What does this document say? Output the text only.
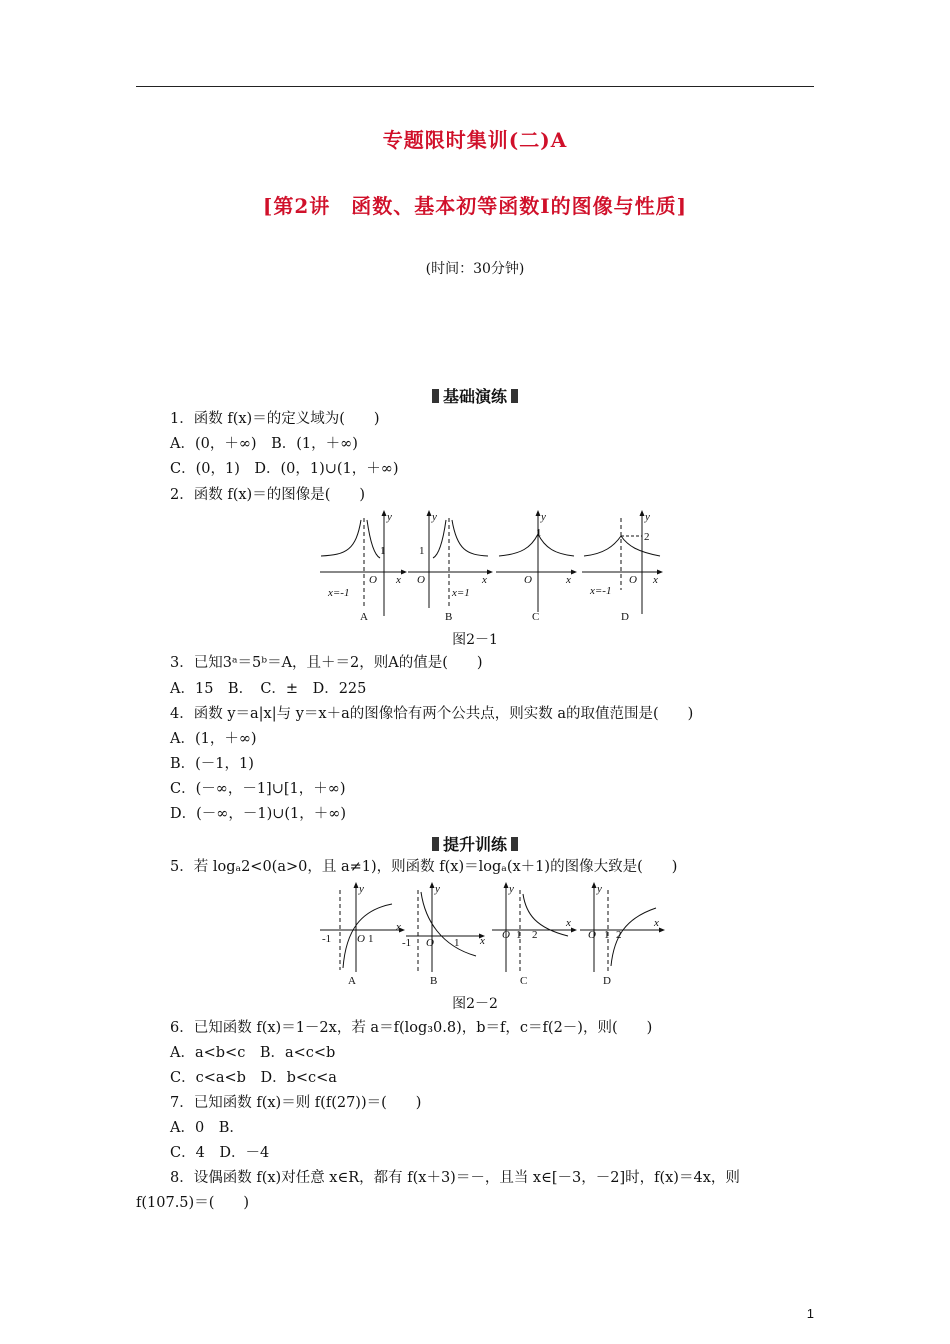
专题限时集训(二)A
[第2讲　函数、基本初等函数Ⅰ的图像与性质]
(时间：30分钟)
基础演练
1．函数 f(x)＝的定义域为(　　)
A．(0，＋∞)　B．(1，＋∞)
C．(0，1)　D．(0，1)∪(1，＋∞)
2．函数 f(x)＝的图像是(　　)
y
1
O x
x=-1
A
y
1
O	x
x=1
B
y
1
O	x
C
y
2
O x
x=-1
D
图2－1
3．已知3ᵃ＝5ᵇ＝A，且＋＝2，则A的值是(　　)
A．15　B．　C．±　D．225
4．函数 y＝a|x|与 y＝x＋a的图像恰有两个公共点，则实数 a的取值范围是(　　)
A．(1，＋∞)
B．(－1，1)
C．(－∞，－1]∪[1，＋∞)
D．(－∞，－1)∪(1，＋∞)
提升训练
5．若 logₐ2<0(a>0，且 a≠1)，则函数 f(x)＝logₐ(x＋1)的图像大致是(　　)
y
-1 O 1
x
A
y
-1 O 1 x
B
y
O 1 2
x
C
y
O 1 2
x
D
图2－2
6．已知函数 f(x)＝1－2x，若 a＝f(log₃0.8)，b＝f，c＝f(2－)，则(　　)
A．a<b<c　B．a<c<b
C．c<a<b　D．b<c<a
7．已知函数 f(x)＝则 f(f(27))＝(　　)
A．0　B．
C．4　D．－4
8．设偶函数 f(x)对任意 x∈R，都有 f(x＋3)＝－，且当 x∈[－3，－2]时，f(x)＝4x，则
f(107.5)＝(　　)
1
